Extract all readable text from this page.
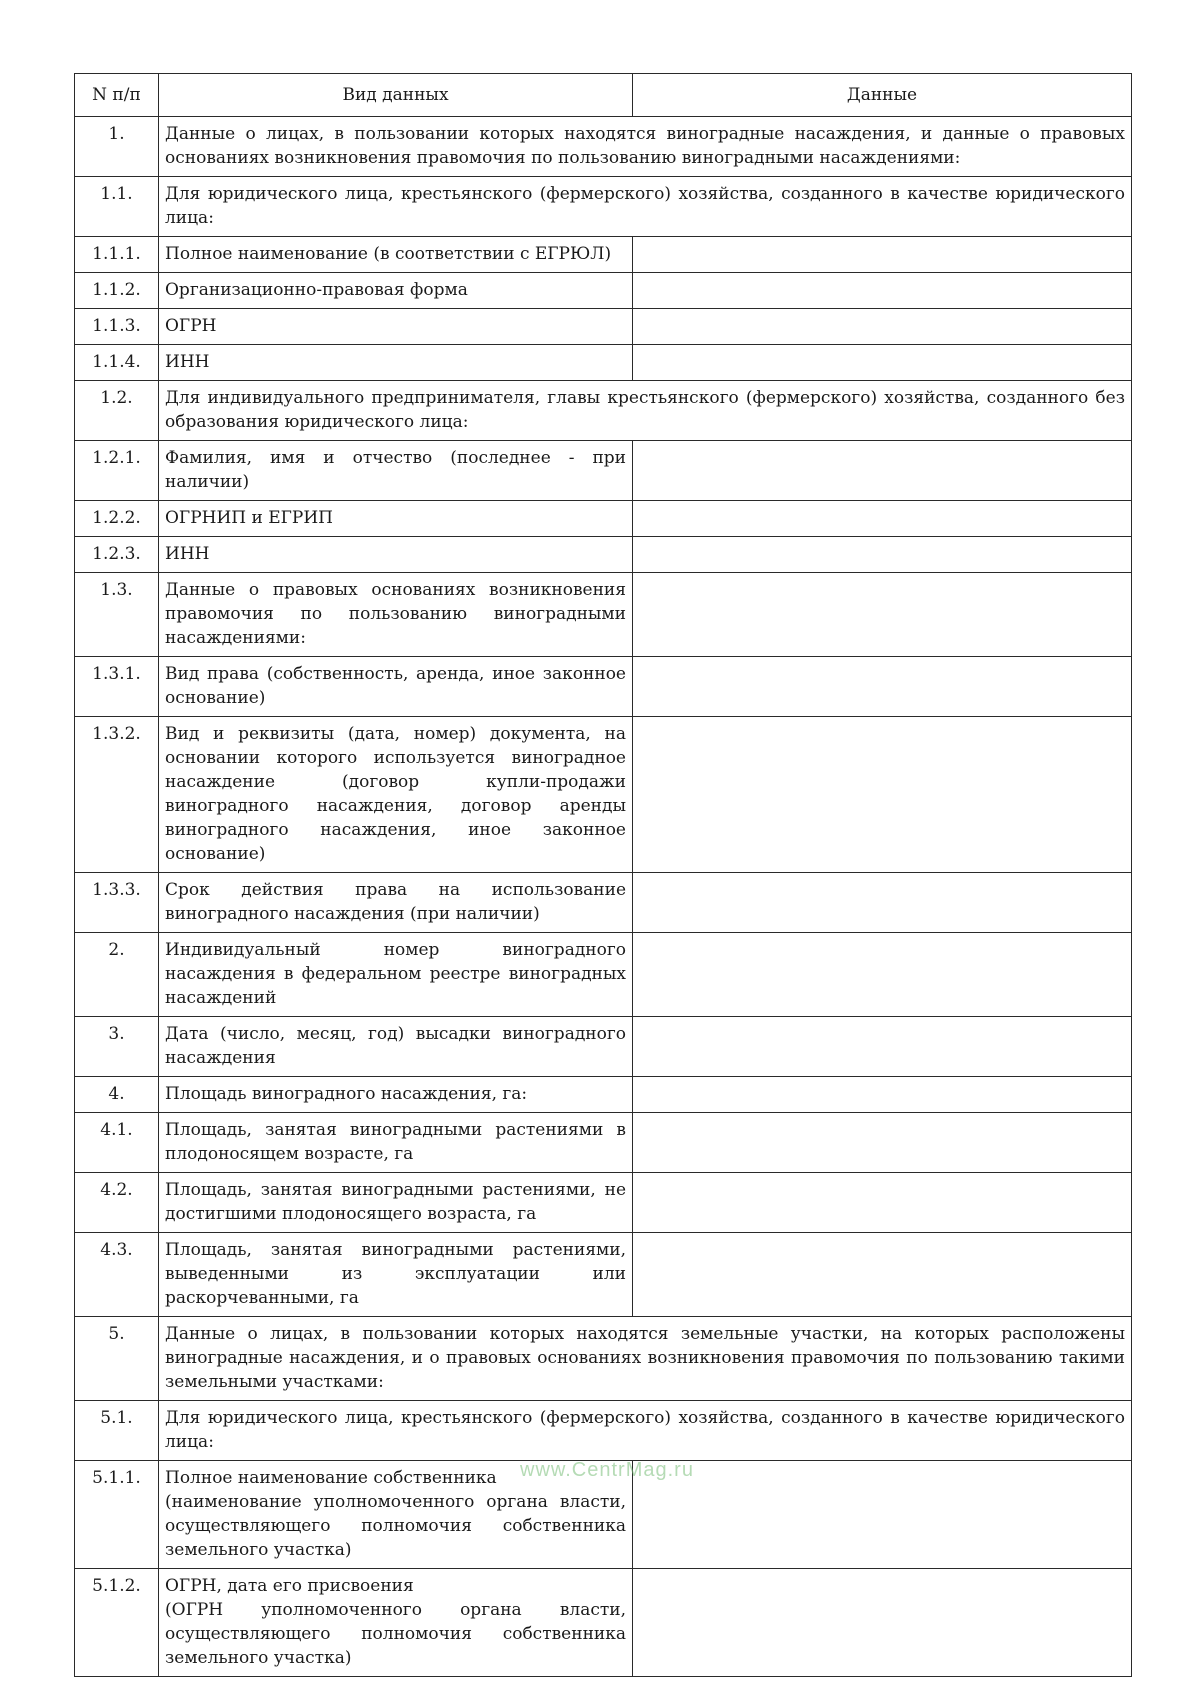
N п/п	Вид данных	Данные
1.	Данные о лицах, в пользовании которых находятся виноградные насаждения, и данные о правовых основаниях возникновения правомочия по пользованию виноградными насаждениями:	
1.1.	Для юридического лица, крестьянского (фермерского) хозяйства, созданного в качестве юридического лица:	
1.1.1.	Полное наименование (в соответствии с ЕГРЮЛ)	
1.1.2.	Организационно-правовая форма	
1.1.3.	ОГРН	
1.1.4.	ИНН	
1.2.	Для индивидуального предпринимателя, главы крестьянского (фермерского) хозяйства, созданного без образования юридического лица:	
1.2.1.	Фамилия, имя и отчество (последнее - при наличии)	
1.2.2.	ОГРНИП и ЕГРИП	
1.2.3.	ИНН	
1.3.	Данные о правовых основаниях возникновения правомочия по пользованию виноградными насаждениями:	
1.3.1.	Вид права (собственность, аренда, иное законное основание)	
1.3.2.	Вид и реквизиты (дата, номер) документа, на основании которого используется виноградное насаждение (договор купли-продажи виноградного насаждения, договор аренды виноградного насаждения, иное законное основание)	
1.3.3.	Срок действия права на использование виноградного насаждения (при наличии)	
2.	Индивидуальный номер виноградного насаждения в федеральном реестре виноградных насаждений	
3.	Дата (число, месяц, год) высадки виноградного насаждения	
4.	Площадь виноградного насаждения, га:	
4.1.	Площадь, занятая виноградными растениями в плодоносящем возрасте, га	
4.2.	Площадь, занятая виноградными растениями, не достигшими плодоносящего возраста, га	
4.3.	Площадь, занятая виноградными растениями, выведенными из эксплуатации или раскорчеванными, га	
5.	Данные о лицах, в пользовании которых находятся земельные участки, на которых расположены виноградные насаждения, и о правовых основаниях возникновения правомочия по пользованию такими земельными участками:	
5.1.	Для юридического лица, крестьянского (фермерского) хозяйства, созданного в качестве юридического лица:	
5.1.1.	Полное наименование собственника
(наименование уполномоченного органа власти, осуществляющего полномочия собственника земельного участка)	
5.1.2.	ОГРН, дата его присвоения
(ОГРН уполномоченного органа власти, осуществляющего полномочия собственника земельного участка)	
www.CentrMag.ru
